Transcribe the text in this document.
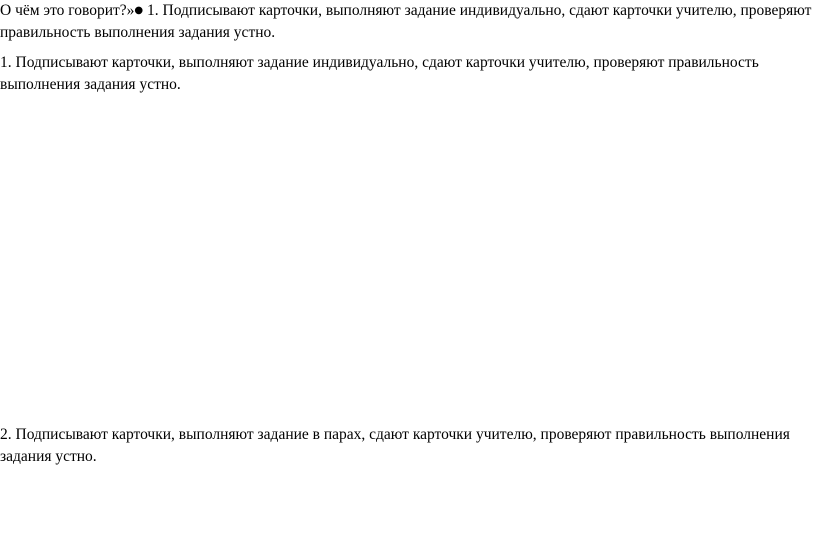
О чём это говорит?»● 1. Подписывают карточки, выполняют задание индивидуально, сдают карточки учителю, проверяют правильность выполнения задания устно.

1. Подписывают карточки, выполняют задание индивидуально, сдают карточки учителю, проверяют правильность выполнения задания устно.

2. Подписывают карточки, выполняют задание в парах, сдают карточки учителю, проверяют правильность выполнения задания устно.
